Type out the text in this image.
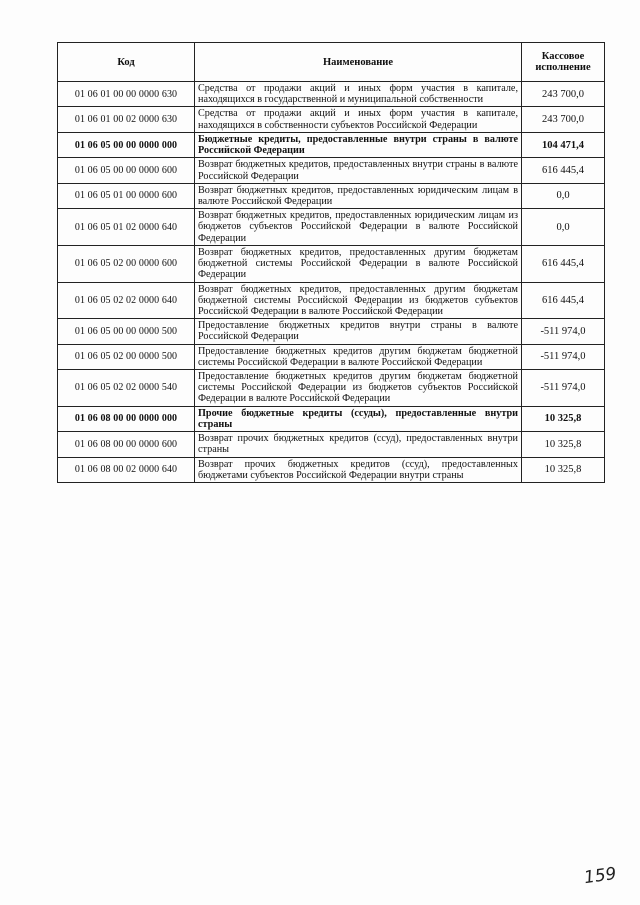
Код	Наименование	Кассовое исполнение
01 06 01 00 00 0000 630	Средства от продажи акций и иных форм участия в капитале, находящихся в государственной и муниципальной собственности	243 700,0
01 06 01 00 02 0000 630	Средства от продажи акций и иных форм участия в капитале, находящихся в собственности субъектов Российской Федерации	243 700,0
01 06 05 00 00 0000 000	Бюджетные кредиты, предоставленные внутри страны в валюте Российской Федерации	104 471,4
01 06 05 00 00 0000 600	Возврат бюджетных кредитов, предоставленных внутри страны в валюте Российской Федерации	616 445,4
01 06 05 01 00 0000 600	Возврат бюджетных кредитов, предоставленных юридическим лицам в валюте Российской Федерации	0,0
01 06 05 01 02 0000 640	Возврат бюджетных кредитов, предоставленных юридическим лицам из бюджетов субъектов Российской Федерации в валюте Российской Федерации	0,0
01 06 05 02 00 0000 600	Возврат бюджетных кредитов, предоставленных другим бюджетам бюджетной системы Российской Федерации в валюте Российской Федерации	616 445,4
01 06 05 02 02 0000 640	Возврат бюджетных кредитов, предоставленных другим бюджетам бюджетной системы Российской Федерации из бюджетов субъектов Российской Федерации в валюте Российской Федерации	616 445,4
01 06 05 00 00 0000 500	Предоставление бюджетных кредитов внутри страны в валюте Российской Федерации	-511 974,0
01 06 05 02 00 0000 500	Предоставление бюджетных кредитов другим бюджетам бюджетной системы Российской Федерации в валюте Российской Федерации	-511 974,0
01 06 05 02 02 0000 540	Предоставление бюджетных кредитов другим бюджетам бюджетной системы Российской Федерации из бюджетов субъектов Российской Федерации в валюте Российской Федерации	-511 974,0
01 06 08 00 00 0000 000	Прочие бюджетные кредиты (ссуды), предоставленные внутри страны	10 325,8
01 06 08 00 00 0000 600	Возврат прочих бюджетных кредитов (ссуд), предоставленных внутри страны	10 325,8
01 06 08 00 02 0000 640	Возврат прочих бюджетных кредитов (ссуд), предоставленных бюджетами субъектов Российской Федерации внутри страны	10 325,8
159
